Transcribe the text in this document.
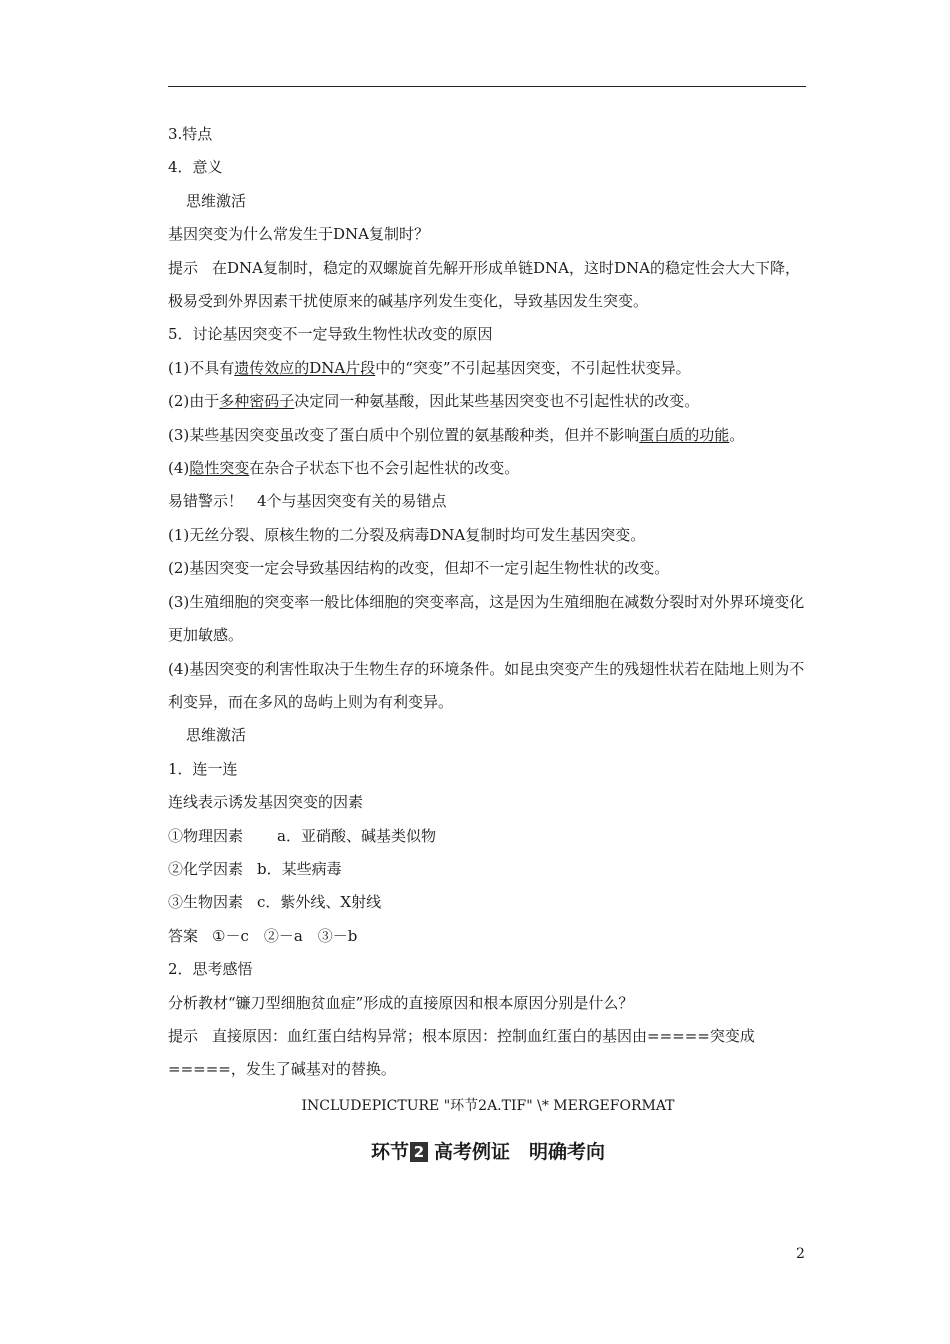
3.特点
4．意义
思维激活
基因突变为什么常发生于DNA复制时？
提示 在DNA复制时，稳定的双螺旋首先解开形成单链DNA，这时DNA的稳定性会大大下降，极易受到外界因素干扰使原来的碱基序列发生变化，导致基因发生突变。
5．讨论基因突变不一定导致生物性状改变的原因
(1)不具有遗传效应的DNA片段中的“突变”不引起基因突变，不引起性状变异。
(2)由于多种密码子决定同一种氨基酸，因此某些基因突变也不引起性状的改变。
(3)某些基因突变虽改变了蛋白质中个别位置的氨基酸种类，但并不影响蛋白质的功能。
(4)隐性突变在杂合子状态下也不会引起性状的改变。
易错警示！ 4个与基因突变有关的易错点
(1)无丝分裂、原核生物的二分裂及病毒DNA复制时均可发生基因突变。
(2)基因突变一定会导致基因结构的改变，但却不一定引起生物性状的改变。
(3)生殖细胞的突变率一般比体细胞的突变率高，这是因为生殖细胞在减数分裂时对外界环境变化更加敏感。
(4)基因突变的利害性取决于生物生存的环境条件。如昆虫突变产生的残翅性状若在陆地上则为不利变异，而在多风的岛屿上则为有利变异。
思维激活
1．连一连
连线表示诱发基因突变的因素
①物理因素 a．亚硝酸、碱基类似物
②化学因素 b．某些病毒
③生物因素 c．紫外线、X射线
答案 ①－c　②－a　③－b
2．思考感悟
分析教材“镰刀型细胞贫血症”形成的直接原因和根本原因分别是什么？
提示 直接原因：血红蛋白结构异常；根本原因：控制血红蛋白的基因由=====突变成=====，发生了碱基对的替换。
INCLUDEPICTURE "环节2A.TIF" \* MERGEFORMAT
环节 2 高考例证　明确考向
2
